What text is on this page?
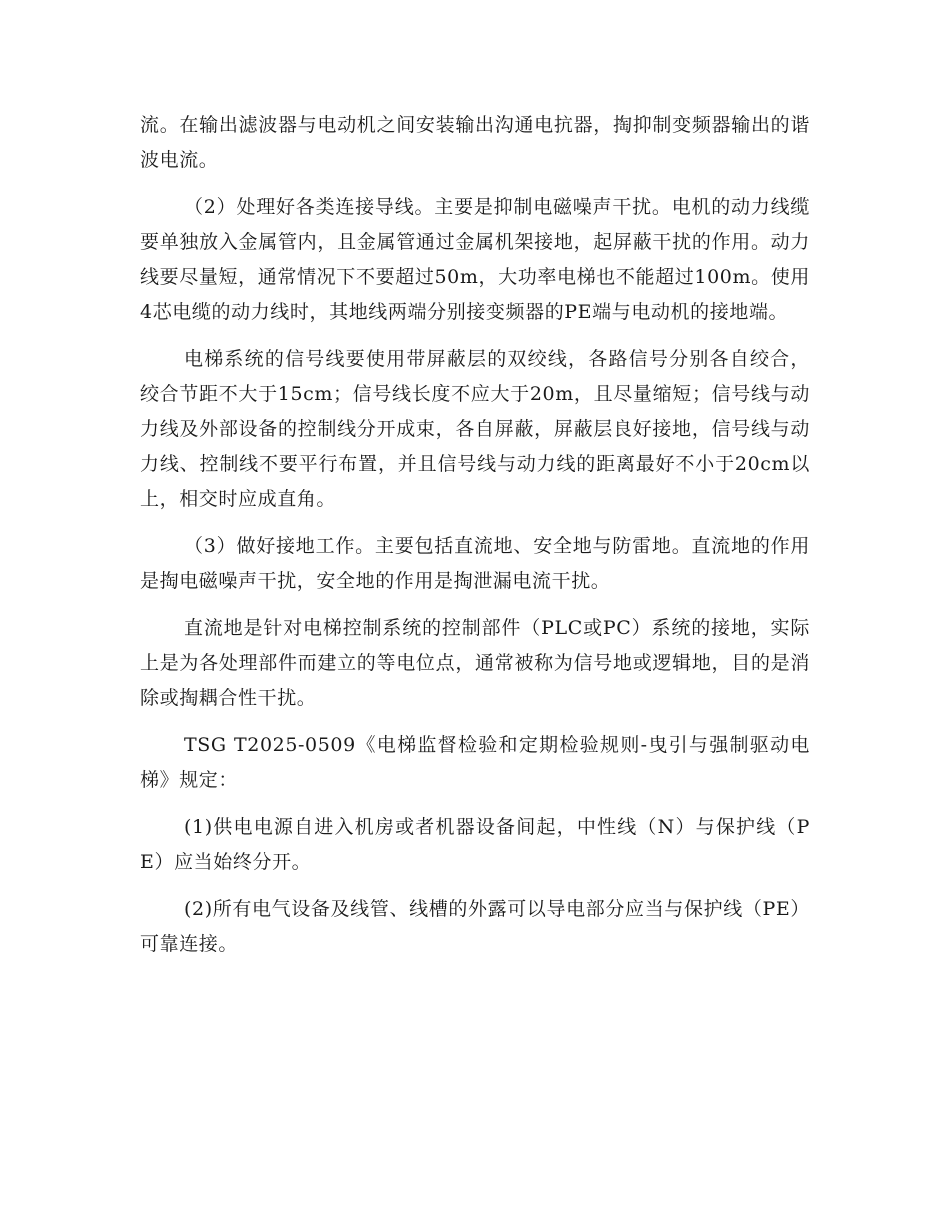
流。在输出滤波器与电动机之间安装输出沟通电抗器，掏抑制变频器输出的谐波电流。

（2）处理好各类连接导线。主要是抑制电磁噪声干扰。电机的动力线缆要单独放入金属管内，且金属管通过金属机架接地，起屏蔽干扰的作用。动力线要尽量短，通常情况下不要超过50m，大功率电梯也不能超过100m。使用4芯电缆的动力线时，其地线两端分别接变频器的PE端与电动机的接地端。

电梯系统的信号线要使用带屏蔽层的双绞线，各路信号分别各自绞合，绞合节距不大于15cm；信号线长度不应大于20m，且尽量缩短；信号线与动力线及外部设备的控制线分开成束，各自屏蔽，屏蔽层良好接地，信号线与动力线、控制线不要平行布置，并且信号线与动力线的距离最好不小于20cm以上，相交时应成直角。

（3）做好接地工作。主要包括直流地、安全地与防雷地。直流地的作用是掏电磁噪声干扰，安全地的作用是掏泄漏电流干扰。

直流地是针对电梯控制系统的控制部件（PLC或PC）系统的接地，实际上是为各处理部件而建立的等电位点，通常被称为信号地或逻辑地，目的是消除或掏耦合性干扰。

TSG T2025-0509《电梯监督检验和定期检验规则-曳引与强制驱动电梯》规定：

(1)供电电源自进入机房或者机器设备间起，中性线（N）与保护线（PE）应当始终分开。

(2)所有电气设备及线管、线槽的外露可以导电部分应当与保护线（PE）可靠连接。
